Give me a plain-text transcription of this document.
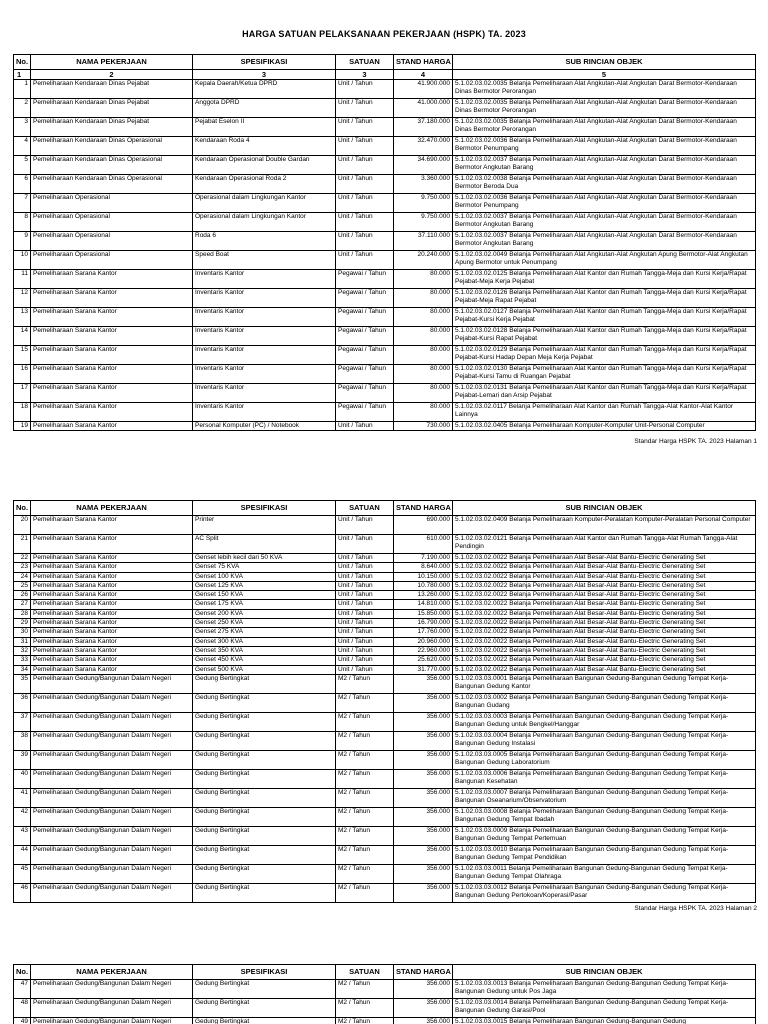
HARGA SATUAN PELAKSANAAN PEKERJAAN (HSPK) TA. 2023
No.	NAMA PEKERJAAN	SPESIFIKASI	SATUAN	STAND HARGA	SUB RINCIAN OBJEK
1	2	3	3	4	5
1	Pemeliharaan Kendaraan Dinas Pejabat	Kepala Daerah/Ketua DPRD	Unit / Tahun	41.900.000	5.1.02.03.02.0035 Belanja Pemeliharaan Alat Angkutan-Alat Angkutan Darat Bermotor-Kendaraan Dinas Bermotor Perorangan
2	Pemeliharaan Kendaraan Dinas Pejabat	Anggota DPRD	Unit / Tahun	41.000.000	5.1.02.03.02.0035 Belanja Pemeliharaan Alat Angkutan-Alat Angkutan Darat Bermotor-Kendaraan Dinas Bermotor Perorangan
3	Pemeliharaan Kendaraan Dinas Pejabat	Pejabat Eselon II	Unit / Tahun	37.180.000	5.1.02.03.02.0035 Belanja Pemeliharaan Alat Angkutan-Alat Angkutan Darat Bermotor-Kendaraan Dinas Bermotor Perorangan
4	Pemeliharaan Kendaraan Dinas Operasional	Kendaraan Roda 4	Unit / Tahun	32.470.000	5.1.02.03.02.0036 Belanja Pemeliharaan Alat Angkutan-Alat Angkutan Darat Bermotor-Kendaraan Bermotor Penumpang
5	Pemeliharaan Kendaraan Dinas Operasional	Kendaraan Operasional Double Gardan	Unit / Tahun	34.690.000	5.1.02.03.02.0037 Belanja Pemeliharaan Alat Angkutan-Alat Angkutan Darat Bermotor-Kendaraan Bermotor Angkutan Barang
6	Pemeliharaan Kendaraan Dinas Operasional	Kendaraan Operasional Roda 2	Unit / Tahun	3.360.000	5.1.02.03.02.0038 Belanja Pemeliharaan Alat Angkutan-Alat Angkutan Darat Bermotor-Kendaraan Bermotor Beroda Dua
7	Pemeliharaan Operasional	Operasional dalam Lingkungan Kantor	Unit / Tahun	9.750.000	5.1.02.03.02.0036 Belanja Pemeliharaan Alat Angkutan-Alat Angkutan Darat Bermotor-Kendaraan Bermotor Penumpang
8	Pemeliharaan Operasional	Operasional dalam Lingkungan Kantor	Unit / Tahun	9.750.000	5.1.02.03.02.0037 Belanja Pemeliharaan Alat Angkutan-Alat Angkutan Darat Bermotor-Kendaraan Bermotor Angkutan Barang
9	Pemeliharaan Operasional	Roda 6	Unit / Tahun	37.110.000	5.1.02.03.02.0037 Belanja Pemeliharaan Alat Angkutan-Alat Angkutan Darat Bermotor-Kendaraan Bermotor Angkutan Barang
10	Pemeliharaan Operasional	Speed Boat	Unit / Tahun	20.240.000	5.1.02.03.02.0049 Belanja Pemeliharaan Alat Angkutan-Alat Angkutan Apung Bermotor-Alat Angkutan Apung Bermotor untuk Penumpang
11	Pemeliharaan Sarana Kantor	Inventaris Kantor	Pegawai / Tahun	80.000	5.1.02.03.02.0125 Belanja Pemeliharaan Alat Kantor dan Rumah Tangga-Meja dan Kursi Kerja/Rapat Pejabat-Meja Kerja Pejabat
12	Pemeliharaan Sarana Kantor	Inventaris Kantor	Pegawai / Tahun	80.000	5.1.02.03.02.0126 Belanja Pemeliharaan Alat Kantor dan Rumah Tangga-Meja dan Kursi Kerja/Rapat Pejabat-Meja Rapat Pejabat
13	Pemeliharaan Sarana Kantor	Inventaris Kantor	Pegawai / Tahun	80.000	5.1.02.03.02.0127 Belanja Pemeliharaan Alat Kantor dan Rumah Tangga-Meja dan Kursi Kerja/Rapat Pejabat-Kursi Kerja Pejabat
14	Pemeliharaan Sarana Kantor	Inventaris Kantor	Pegawai / Tahun	80.000	5.1.02.03.02.0128 Belanja Pemeliharaan Alat Kantor dan Rumah Tangga-Meja dan Kursi Kerja/Rapat Pejabat-Kursi Rapat Pejabat
15	Pemeliharaan Sarana Kantor	Inventaris Kantor	Pegawai / Tahun	80.000	5.1.02.03.02.0129 Belanja Pemeliharaan Alat Kantor dan Rumah Tangga-Meja dan Kursi Kerja/Rapat Pejabat-Kursi Hadap Depan Meja Kerja Pejabat
16	Pemeliharaan Sarana Kantor	Inventaris Kantor	Pegawai / Tahun	80.000	5.1.02.03.02.0130 Belanja Pemeliharaan Alat Kantor dan Rumah Tangga-Meja dan Kursi Kerja/Rapat Pejabat-Kursi Tamu di Ruangan Pejabat
17	Pemeliharaan Sarana Kantor	Inventaris Kantor	Pegawai / Tahun	80.000	5.1.02.03.02.0131 Belanja Pemeliharaan Alat Kantor dan Rumah Tangga-Meja dan Kursi Kerja/Rapat Pejabat-Lemari dan Arsip Pejabat
18	Pemeliharaan Sarana Kantor	Inventaris Kantor	Pegawai / Tahun	80.000	5.1.02.03.02.0117 Belanja Pemeliharaan Alat Kantor dan Rumah Tangga-Alat Kantor-Alat Kantor Lainnya
19	Pemeliharaan Sarana Kantor	Personal Komputer (PC) / Notebook	Unit / Tahun	730.000	5.1.02.03.02.0405 Belanja Pemeliharaan Komputer-Komputer Unit-Personal Computer
Standar Harga HSPK TA. 2023 Halaman 1
No.	NAMA PEKERJAAN	SPESIFIKASI	SATUAN	STAND HARGA	SUB RINCIAN OBJEK
20	Pemeliharaan Sarana Kantor	Printer	Unit / Tahun	690.000	5.1.02.03.02.0409 Belanja Pemeliharaan Komputer-Peralatan Komputer-Peralatan Personal Computer
21	Pemeliharaan Sarana Kantor	AC Split	Unit / Tahun	610.000	5.1.02.03.02.0121 Belanja Pemeliharaan Alat Kantor dan Rumah Tangga-Alat Rumah Tangga-Alat Pendingin
22	Pemeliharaan Sarana Kantor	Genset lebih kecil dari 50 KVA	Unit / Tahun	7.190.000	5.1.02.03.02.0022 Belanja Pemeliharaan Alat Besar-Alat Bantu-Electric Generating Set
23	Pemeliharaan Sarana Kantor	Genset 75 KVA	Unit / Tahun	8.640.000	5.1.02.03.02.0022 Belanja Pemeliharaan Alat Besar-Alat Bantu-Electric Generating Set
24	Pemeliharaan Sarana Kantor	Genset 100 KVA	Unit / Tahun	10.150.000	5.1.02.03.02.0022 Belanja Pemeliharaan Alat Besar-Alat Bantu-Electric Generating Set
25	Pemeliharaan Sarana Kantor	Genset 125 KVA	Unit / Tahun	10.780.000	5.1.02.03.02.0022 Belanja Pemeliharaan Alat Besar-Alat Bantu-Electric Generating Set
26	Pemeliharaan Sarana Kantor	Genset 150 KVA	Unit / Tahun	13.260.000	5.1.02.03.02.0022 Belanja Pemeliharaan Alat Besar-Alat Bantu-Electric Generating Set
27	Pemeliharaan Sarana Kantor	Genset 175 KVA	Unit / Tahun	14.810.000	5.1.02.03.02.0022 Belanja Pemeliharaan Alat Besar-Alat Bantu-Electric Generating Set
28	Pemeliharaan Sarana Kantor	Genset 200 KVA	Unit / Tahun	15.850.000	5.1.02.03.02.0022 Belanja Pemeliharaan Alat Besar-Alat Bantu-Electric Generating Set
29	Pemeliharaan Sarana Kantor	Genset 250 KVA	Unit / Tahun	16.790.000	5.1.02.03.02.0022 Belanja Pemeliharaan Alat Besar-Alat Bantu-Electric Generating Set
30	Pemeliharaan Sarana Kantor	Genset 275 KVA	Unit / Tahun	17.760.000	5.1.02.03.02.0022 Belanja Pemeliharaan Alat Besar-Alat Bantu-Electric Generating Set
31	Pemeliharaan Sarana Kantor	Genset 300 KVA	Unit / Tahun	20.960.000	5.1.02.03.02.0022 Belanja Pemeliharaan Alat Besar-Alat Bantu-Electric Generating Set
32	Pemeliharaan Sarana Kantor	Genset 350 KVA	Unit / Tahun	22.960.000	5.1.02.03.02.0022 Belanja Pemeliharaan Alat Besar-Alat Bantu-Electric Generating Set
33	Pemeliharaan Sarana Kantor	Genset 450 KVA	Unit / Tahun	25.620.000	5.1.02.03.02.0022 Belanja Pemeliharaan Alat Besar-Alat Bantu-Electric Generating Set
34	Pemeliharaan Sarana Kantor	Genset 500 KVA	Unit / Tahun	31.770.000	5.1.02.03.02.0022 Belanja Pemeliharaan Alat Besar-Alat Bantu-Electric Generating Set
35	Pemeliharaan Gedung/Bangunan Dalam Negeri	Gedung Bertingkat	M2 / Tahun	356.000	5.1.02.03.03.0001 Belanja Pemeliharaan Bangunan Gedung-Bangunan Gedung Tempat Kerja-Bangunan Gedung Kantor
36	Pemeliharaan Gedung/Bangunan Dalam Negeri	Gedung Bertingkat	M2 / Tahun	356.000	5.1.02.03.03.0002 Belanja Pemeliharaan Bangunan Gedung-Bangunan Gedung Tempat Kerja-Bangunan Gudang
37	Pemeliharaan Gedung/Bangunan Dalam Negeri	Gedung Bertingkat	M2 / Tahun	356.000	5.1.02.03.03.0003 Belanja Pemeliharaan Bangunan Gedung-Bangunan Gedung Tempat Kerja-Bangunan Gedung untuk Bengkel/Hanggar
38	Pemeliharaan Gedung/Bangunan Dalam Negeri	Gedung Bertingkat	M2 / Tahun	356.000	5.1.02.03.03.0004 Belanja Pemeliharaan Bangunan Gedung-Bangunan Gedung Tempat Kerja-Bangunan Gedung Instalasi
39	Pemeliharaan Gedung/Bangunan Dalam Negeri	Gedung Bertingkat	M2 / Tahun	356.000	5.1.02.03.03.0005 Belanja Pemeliharaan Bangunan Gedung-Bangunan Gedung Tempat Kerja-Bangunan Gedung Laboratorium
40	Pemeliharaan Gedung/Bangunan Dalam Negeri	Gedung Bertingkat	M2 / Tahun	356.000	5.1.02.03.03.0006 Belanja Pemeliharaan Bangunan Gedung-Bangunan Gedung Tempat Kerja-Bangunan Kesehatan
41	Pemeliharaan Gedung/Bangunan Dalam Negeri	Gedung Bertingkat	M2 / Tahun	356.000	5.1.02.03.03.0007 Belanja Pemeliharaan Bangunan Gedung-Bangunan Gedung Tempat Kerja-Bangunan Oseanarium/Observatorium
42	Pemeliharaan Gedung/Bangunan Dalam Negeri	Gedung Bertingkat	M2 / Tahun	356.000	5.1.02.03.03.0008 Belanja Pemeliharaan Bangunan Gedung-Bangunan Gedung Tempat Kerja-Bangunan Gedung Tempat Ibadah
43	Pemeliharaan Gedung/Bangunan Dalam Negeri	Gedung Bertingkat	M2 / Tahun	356.000	5.1.02.03.03.0009 Belanja Pemeliharaan Bangunan Gedung-Bangunan Gedung Tempat Kerja-Bangunan Gedung Tempat Pertemuan
44	Pemeliharaan Gedung/Bangunan Dalam Negeri	Gedung Bertingkat	M2 / Tahun	356.000	5.1.02.03.03.0010 Belanja Pemeliharaan Bangunan Gedung-Bangunan Gedung Tempat Kerja-Bangunan Gedung Tempat Pendidikan
45	Pemeliharaan Gedung/Bangunan Dalam Negeri	Gedung Bertingkat	M2 / Tahun	356.000	5.1.02.03.03.0011 Belanja Pemeliharaan Bangunan Gedung-Bangunan Gedung Tempat Kerja-Bangunan Gedung Tempat Olahraga
46	Pemeliharaan Gedung/Bangunan Dalam Negeri	Gedung Bertingkat	M2 / Tahun	356.000	5.1.02.03.03.0012 Belanja Pemeliharaan Bangunan Gedung-Bangunan Gedung Tempat Kerja-Bangunan Gedung Pertokoan/Koperasi/Pasar
Standar Harga HSPK TA. 2023 Halaman 2
No.	NAMA PEKERJAAN	SPESIFIKASI	SATUAN	STAND HARGA	SUB RINCIAN OBJEK
47	Pemeliharaan Gedung/Bangunan Dalam Negeri	Gedung Bertingkat	M2 / Tahun	356.000	5.1.02.03.03.0013 Belanja Pemeliharaan Bangunan Gedung-Bangunan Gedung Tempat Kerja-Bangunan Gedung untuk Pos Jaga
48	Pemeliharaan Gedung/Bangunan Dalam Negeri	Gedung Bertingkat	M2 / Tahun	356.000	5.1.02.03.03.0014 Belanja Pemeliharaan Bangunan Gedung-Bangunan Gedung Tempat Kerja-Bangunan Gedung Garasi/Pool
49	Pemeliharaan Gedung/Bangunan Dalam Negeri	Gedung Bertingkat	M2 / Tahun	356.000	5.1.02.03.03.0015 Belanja Pemeliharaan Bangunan Gedung-Bangunan Gedung
